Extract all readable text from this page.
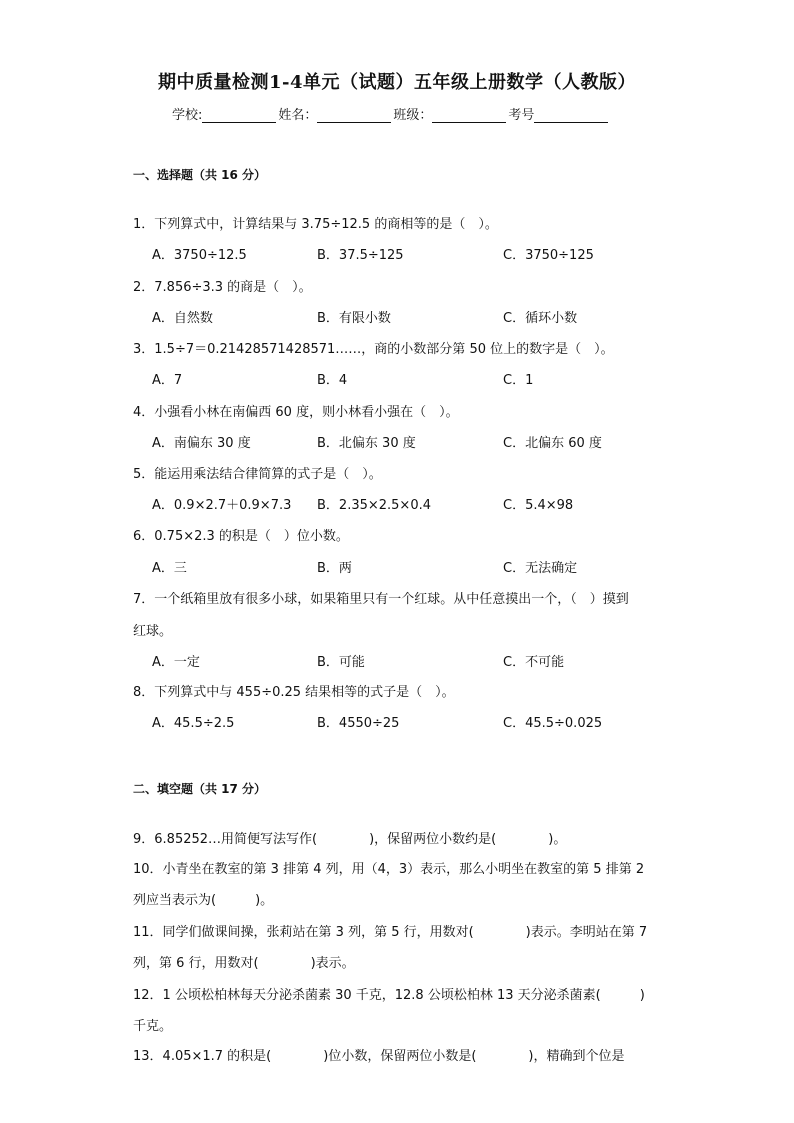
期中质量检测1-4单元（试题）五年级上册数学（人教版）
学校:	姓名：	班级：	考号
一、选择题（共 16 分）
1．下列算式中，计算结果与 3.75÷12.5 的商相等的是（　）。
A．3750÷12.5	B．37.5÷125	C．3750÷125
2．7.856÷3.3 的商是（　）。
A．自然数	B．有限小数	C．循环小数
3．1.5÷7＝0.21428571428571……，商的小数部分第 50 位上的数字是（　）。
A．7	B．4	C．1
4．小强看小林在南偏西 60 度，则小林看小强在（　）。
A．南偏东 30 度	B．北偏东 30 度	C．北偏东 60 度
5．能运用乘法结合律简算的式子是（　）。
A．0.9×2.7＋0.9×7.3 B．2.35×2.5×0.4	C．5.4×98
6．0.75×2.3 的积是（　）位小数。
A．三	B．两	C．无法确定
7．一个纸箱里放有很多小球，如果箱里只有一个红球。从中任意摸出一个，（　）摸到
红球。
A．一定	B．可能	C．不可能
8．下列算式中与 455÷0.25 结果相等的式子是（　）。
A．45.5÷2.5	B．4550÷25	C．45.5÷0.025
二、填空题（共 17 分）
9．6.85252…用简便写法写作(　　　　)，保留两位小数约是(　　　　)。
10．小青坐在教室的第 3 排第 4 列，用（4，3）表示，那么小明坐在教室的第 5 排第 2
列应当表示为(　　　)。
11．同学们做课间操，张莉站在第 3 列，第 5 行，用数对(　　　　)表示。李明站在第 7
列，第 6 行，用数对(　　　　)表示。
12．1 公顷松柏林每天分泌杀菌素 30 千克，12.8 公顷松柏林 13 天分泌杀菌素(　　　)
千克。
13．4.05×1.7 的积是(　　　　)位小数，保留两位小数是(　　　　)，精确到个位是
